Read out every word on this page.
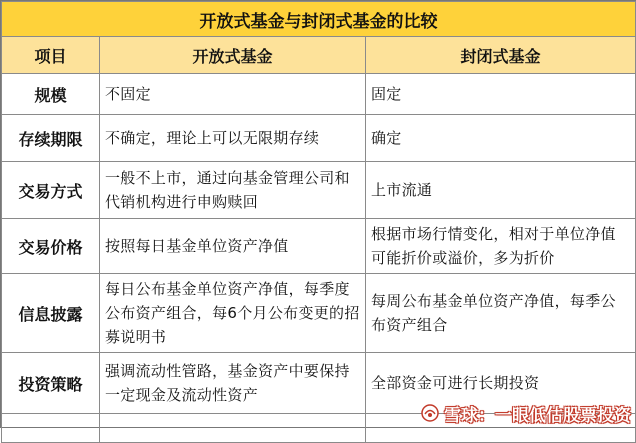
开放式基金与封闭式基金的比较		
项目	开放式基金	封闭式基金
规模	不固定	固定
存续期限	不确定，理论上可以无限期存续	确定
交易方式	一般不上市，通过向基金管理公司和代销机构进行申购赎回	上市流通
交易价格	按照每日基金单位资产净值	根据市场行情变化，相对于单位净值可能折价或溢价，多为折价
信息披露	每日公布基金单位资产净值，每季度公布资产组合，每6个月公布变更的招募说明书	每周公布基金单位资产净值，每季公布资产组合
投资策略	强调流动性管路，基金资产中要保持一定现金及流动性资产	全部资金可进行长期投资

雪球：一眼低估股票投资
